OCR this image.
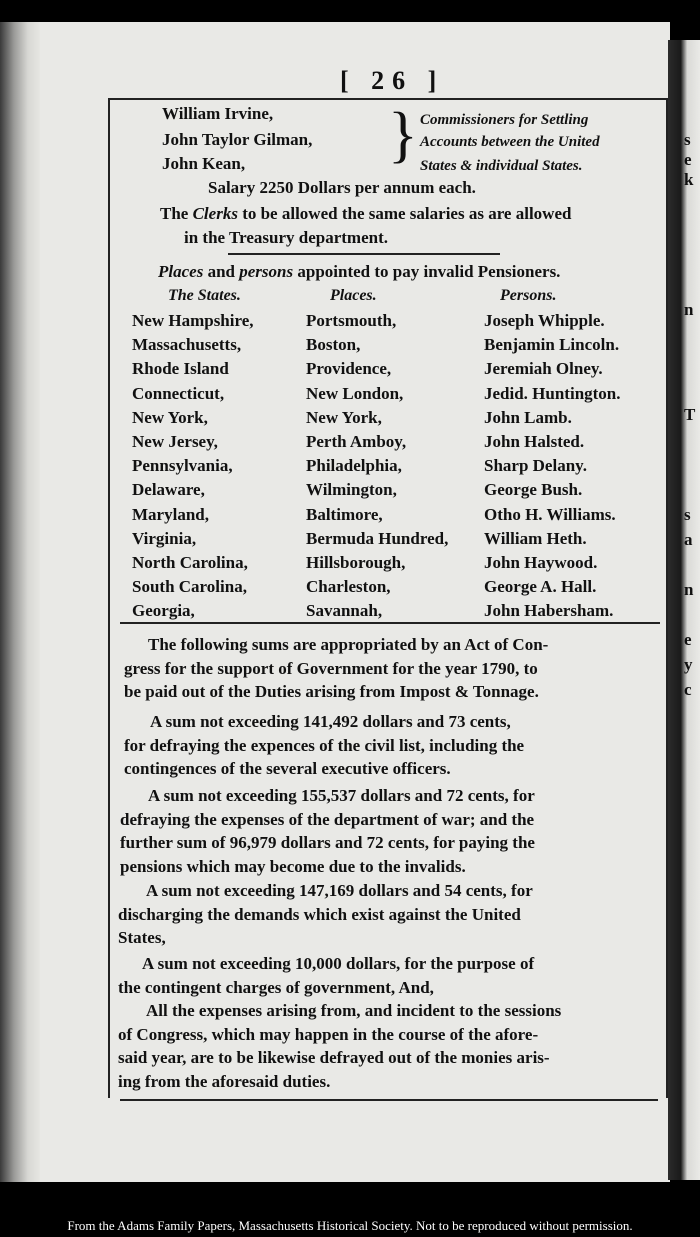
s
e
k
n
T
s
a
n
e
y
c
[ 26 ]
William Irvine,
John Taylor Gilman,
John Kean, } Commissioners for Settling
Accounts between the United
States & individual States.
Salary 2250 Dollars per annum each.
The Clerks to be allowed the same salaries as are allowed
in the Treasury department.
Places and persons appointed to pay invalid Pensioners.
The States.	Places.	Persons.
New Hampshire,	Portsmouth,	Joseph Whipple.
Massachusetts,	Boston,	Benjamin Lincoln.
Rhode Island	Providence,	Jeremiah Olney.
Connecticut,	New London,	Jedid. Huntington.
New York,	New York,	John Lamb.
New Jersey,	Perth Amboy,	John Halsted.
Pennsylvania,	Philadelphia,	Sharp Delany.
Delaware,	Wilmington,	George Bush.
Maryland,	Baltimore,	Otho H. Williams.
Virginia,	Bermuda Hundred, William Heth.
North Carolina,	Hillsborough,	John Haywood.
South Carolina,	Charleston,	George A. Hall.
Georgia,	Savannah,	John Habersham.
The following sums are appropriated by an Act of Con-
gress for the support of Government for the year 1790, to
be paid out of the Duties arising from Impost & Tonnage.
A sum not exceeding 141,492 dollars and 73 cents,
for defraying the expences of the civil list, including the
contingences of the several executive officers.
A sum not exceeding 155,537 dollars and 72 cents, for
defraying the expenses of the department of war; and the
further sum of 96,979 dollars and 72 cents, for paying the
pensions which may become due to the invalids.
A sum not exceeding 147,169 dollars and 54 cents, for
discharging the demands which exist against the United
States,
A sum not exceeding 10,000 dollars, for the purpose of
the contingent charges of government, And,
All the expenses arising from, and incident to the sessions
of Congress, which may happen in the course of the afore-
said year, are to be likewise defrayed out of the monies aris-
ing from the aforesaid duties.
From the Adams Family Papers, Massachusetts Historical Society. Not to be reproduced without permission.
